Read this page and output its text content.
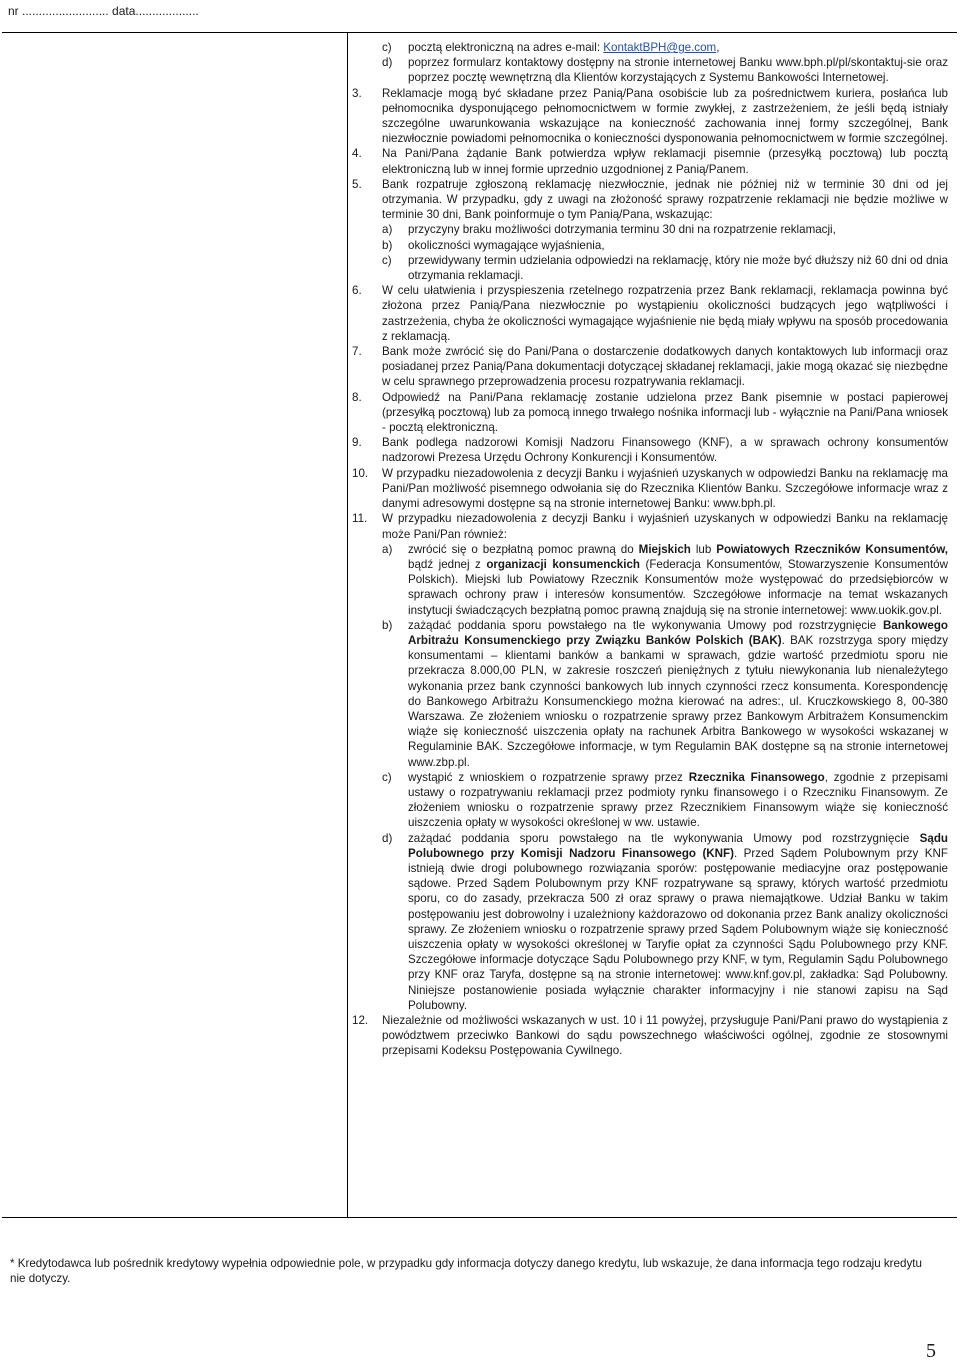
nr .......................... data...................
c)	pocztą elektroniczną na adres e-mail: KontaktBPH@ge.com,
d)	poprzez formularz kontaktowy dostępny na stronie internetowej Banku www.bph.pl/pl/skontaktuj-sie oraz poprzez pocztę wewnętrzną dla Klientów korzystających z Systemu Bankowości Internetowej.
3.	Reklamacje mogą być składane przez Panią/Pana osobiście lub za pośrednictwem kuriera, posłańca lub pełnomocnika dysponującego pełnomocnictwem w formie zwykłej, z zastrzeżeniem, że jeśli będą istniały szczególne uwarunkowania wskazujące na konieczność zachowania innej formy szczególnej, Bank niezwłocznie powiadomi pełnomocnika o konieczności dysponowania pełnomocnictwem w formie szczególnej.
4.	Na Pani/Pana żądanie Bank potwierdza wpływ reklamacji pisemnie (przesyłką pocztową) lub pocztą elektroniczną lub w innej formie uprzednio uzgodnionej z Panią/Panem.
5.	Bank rozpatruje zgłoszoną reklamację niezwłocznie, jednak nie później niż w terminie 30 dni od jej otrzymania. W przypadku, gdy z uwagi na złożoność sprawy rozpatrzenie reklamacji nie będzie możliwe w terminie 30 dni, Bank poinformuje o tym Panią/Pana, wskazując:
a)	przyczyny braku możliwości dotrzymania terminu 30 dni na rozpatrzenie reklamacji,
b)	okoliczności wymagające wyjaśnienia,
c)	przewidywany termin udzielania odpowiedzi na reklamację, który nie może być dłuższy niż 60 dni od dnia otrzymania reklamacji.
6.	W celu ułatwienia i przyspieszenia rzetelnego rozpatrzenia przez Bank reklamacji, reklamacja powinna być złożona przez Panią/Pana niezwłocznie po wystąpieniu okoliczności budzących jego wątpliwości i zastrzeżenia, chyba że okoliczności wymagające wyjaśnienie nie będą miały wpływu na sposób procedowania z reklamacją.
7.	Bank może zwrócić się do Pani/Pana o dostarczenie dodatkowych danych kontaktowych lub informacji oraz posiadanej przez Panią/Pana dokumentacji dotyczącej składanej reklamacji, jakie mogą okazać się niezbędne w celu sprawnego przeprowadzenia procesu rozpatrywania reklamacji.
8.	Odpowiedź na Pani/Pana reklamację zostanie udzielona przez Bank pisemnie w postaci papierowej (przesyłką pocztową) lub za pomocą innego trwałego nośnika informacji lub - wyłącznie na Pani/Pana wniosek - pocztą elektroniczną.
9.	Bank podlega nadzorowi Komisji Nadzoru Finansowego (KNF), a w sprawach ochrony konsumentów nadzorowi Prezesa Urzędu Ochrony Konkurencji i Konsumentów.
10.	W przypadku niezadowolenia z decyzji Banku i wyjaśnień uzyskanych w odpowiedzi Banku na reklamację ma Pani/Pan możliwość pisemnego odwołania się do Rzecznika Klientów Banku. Szczegółowe informacje wraz z danymi adresowymi dostępne są na stronie internetowej Banku: www.bph.pl.
11.	W przypadku niezadowolenia z decyzji Banku i wyjaśnień uzyskanych w odpowiedzi Banku na reklamację może Pani/Pan również:
a)	zwrócić się o bezpłatną pomoc prawną do Miejskich lub Powiatowych Rzeczników Konsumentów, bądź jednej z organizacji konsumenckich (Federacja Konsumentów, Stowarzyszenie Konsumentów Polskich). Miejski lub Powiatowy Rzecznik Konsumentów może występować do przedsiębiorców w sprawach ochrony praw i interesów konsumentów. Szczegółowe informacje na temat wskazanych instytucji świadczących bezpłatną pomoc prawną znajdują się na stronie internetowej: www.uokik.gov.pl.
b)	zażądać poddania sporu powstałego na tle wykonywania Umowy pod rozstrzygnięcie Bankowego Arbitrażu Konsumenckiego przy Związku Banków Polskich (BAK). BAK rozstrzyga spory między konsumentami – klientami banków a bankami w sprawach, gdzie wartość przedmiotu sporu nie przekracza 8.000,00 PLN, w zakresie roszczeń pieniężnych z tytułu niewykonania lub nienależytego wykonania przez bank czynności bankowych lub innych czynności rzecz konsumenta. Korespondencję do Bankowego Arbitrażu Konsumenckiego można kierować na adres:, ul. Kruczkowskiego 8, 00-380 Warszawa. Ze złożeniem wniosku o rozpatrzenie sprawy przez Bankowym Arbitrażem Konsumenckim wiąże się konieczność uiszczenia opłaty na rachunek Arbitra Bankowego w wysokości wskazanej w Regulaminie BAK. Szczegółowe informacje, w tym Regulamin BAK dostępne są na stronie internetowej www.zbp.pl.
c)	wystąpić z wnioskiem o rozpatrzenie sprawy przez Rzecznika Finansowego, zgodnie z przepisami ustawy o rozpatrywaniu reklamacji przez podmioty rynku finansowego i o Rzeczniku Finansowym. Ze złożeniem wniosku o rozpatrzenie sprawy przez Rzecznikiem Finansowym wiąże się konieczność uiszczenia opłaty w wysokości określonej w ww. ustawie.
d)	zażądać poddania sporu powstałego na tle wykonywania Umowy pod rozstrzygnięcie Sądu Polubownego przy Komisji Nadzoru Finansowego (KNF). Przed Sądem Polubownym przy KNF istnieją dwie drogi polubownego rozwiązania sporów: postępowanie mediacyjne oraz postępowanie sądowe. Przed Sądem Polubownym przy KNF rozpatrywane są sprawy, których wartość przedmiotu sporu, co do zasady, przekracza 500 zł oraz sprawy o prawa niemajątkowe. Udział Banku w takim postępowaniu jest dobrowolny i uzależniony każdorazowo od dokonania przez Bank analizy okoliczności sprawy. Ze złożeniem wniosku o rozpatrzenie sprawy przed Sądem Polubownym wiąże się konieczność uiszczenia opłaty w wysokości określonej w Taryfie opłat za czynności Sądu Polubownego przy KNF. Szczegółowe informacje dotyczące Sądu Polubownego przy KNF, w tym, Regulamin Sądu Polubownego przy KNF oraz Taryfa, dostępne są na stronie internetowej: www.knf.gov.pl, zakładka: Sąd Polubowny. Niniejsze postanowienie posiada wyłącznie charakter informacyjny i nie stanowi zapisu na Sąd Polubowny.
12.	Niezależnie od możliwości wskazanych w ust. 10 i 11 powyżej, przysługuje Pani/Pani prawo do wystąpienia z powództwem przeciwko Bankowi do sądu powszechnego właściwości ogólnej, zgodnie ze stosownymi przepisami Kodeksu Postępowania Cywilnego.
* Kredytodawca lub pośrednik kredytowy wypełnia odpowiednie pole, w przypadku gdy informacja dotyczy danego kredytu, lub wskazuje, że dana informacja tego rodzaju kredytu nie dotyczy.
5
